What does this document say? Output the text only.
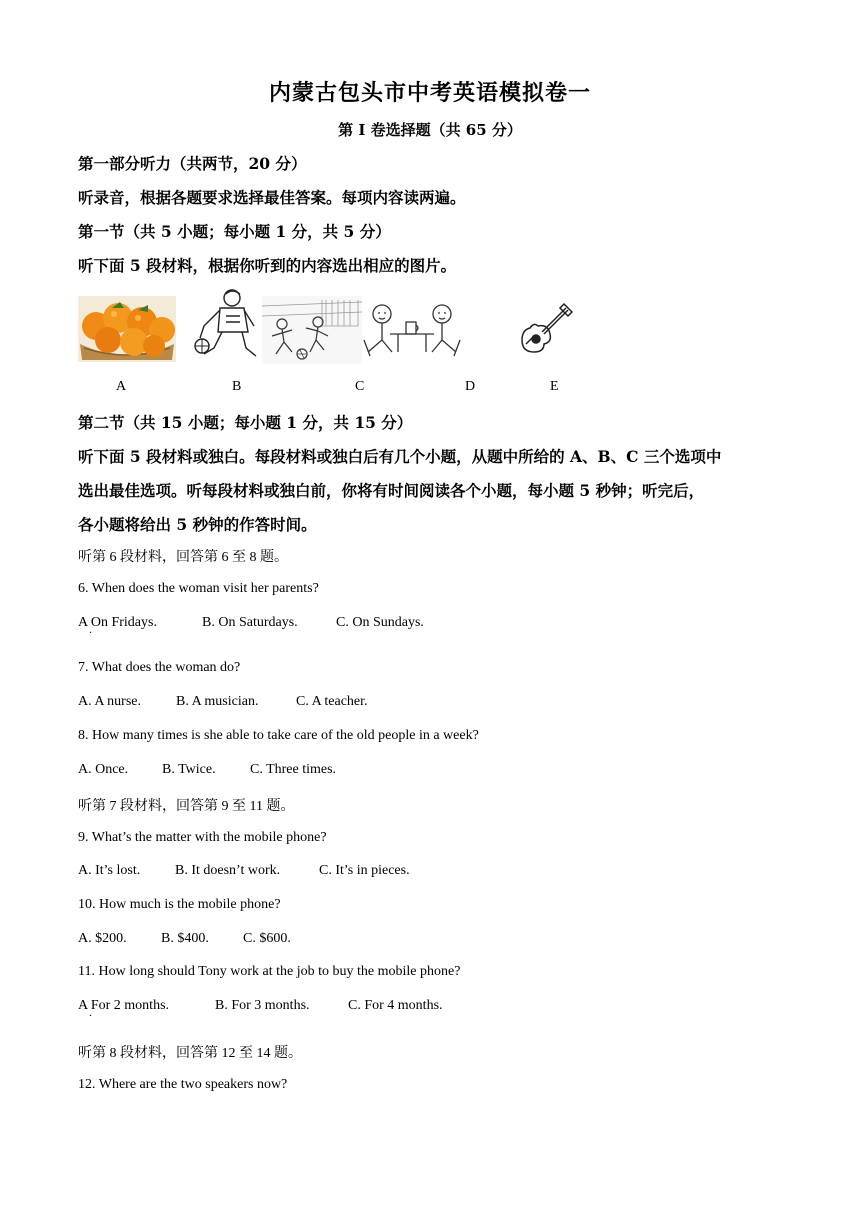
内蒙古包头市中考英语模拟卷一
第 I 卷选择题（共 65 分）
第一部分听力（共两节，20 分）
听录音，根据各题要求选择最佳答案。每项内容读两遍。
第一节（共 5 小题；每小题 1 分，共 5 分）
听下面 5 段材料，根据你听到的内容选出相应的图片。
A	B	C	D	E
第二节（共 15 小题；每小题 1 分，共 15 分）
听下面 5 段材料或独白。每段材料或独白后有几个小题，从题中所给的 A、B、C 三个选项中
选出最佳选项。听每段材料或独白前，你将有时间阅读各个小题，每小题 5 秒钟；听完后，
各小题将给出 5 秒钟的作答时间。
听第 6 段材料，回答第 6 至 8 题。
6. When does the woman visit her parents?
A On Fridays.	B. On Saturdays.	C. On Sundays.
·
7. What does the woman do?
A. A nurse.	B. A musician.	C. A teacher.
8. How many times is she able to take care of the old people in a week?
A. Once. B. Twice. C. Three times.
听第 7 段材料，回答第 9 至 11 题。
9. What’s the matter with the mobile phone?
A. It’s lost. B. It doesn’t work.	C. It’s in pieces.
10. How much is the mobile phone?
A. $200. B. $400. C. $600.
11. How long should Tony work at the job to buy the mobile phone?
A For 2 months.	B. For 3 months.	C. For 4 months.
·
听第 8 段材料，回答第 12 至 14 题。
12. Where are the two speakers now?
